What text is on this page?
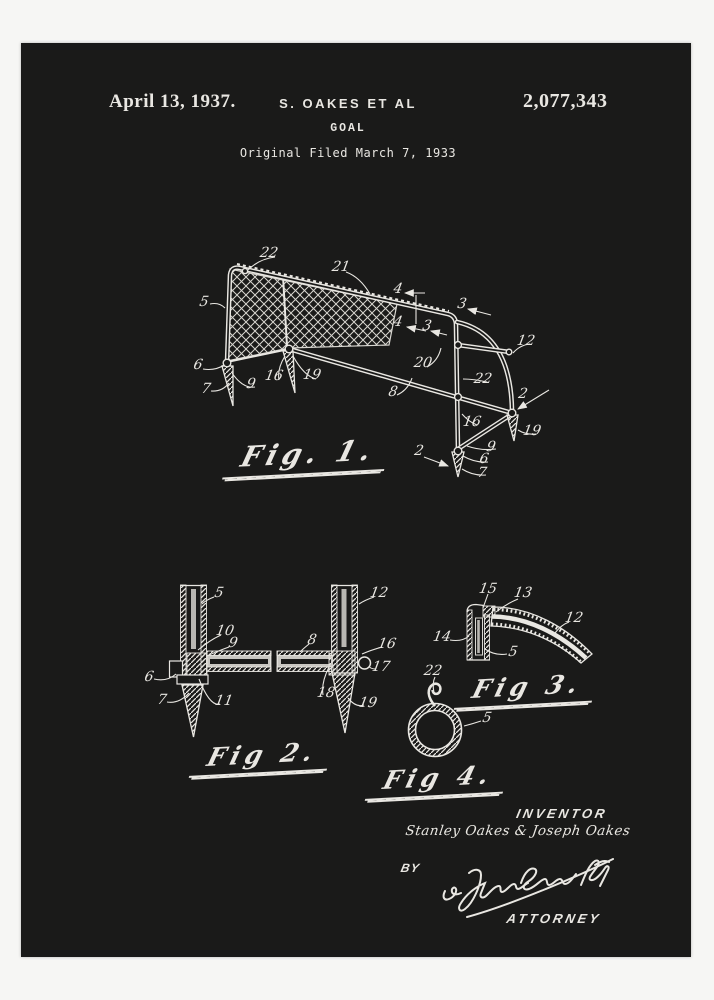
April 13, 1937.	S. OAKES ET AL	2,077,343
GOAL
Original Filed March 7, 1933
22
21
4
4
3
3
5
12
20
6
7 9 16 19
8
22
2
16
19
9
6
2
7
5
10
9
6
7	11
8
12
16
17
18
19
15 13
12
14
5
22
5
Fig. 1.
Fig 2.
Fig 3.
Fig 4.
INVENTOR
Stanley Oakes & Joseph Oakes
BY
ATTORNEY
